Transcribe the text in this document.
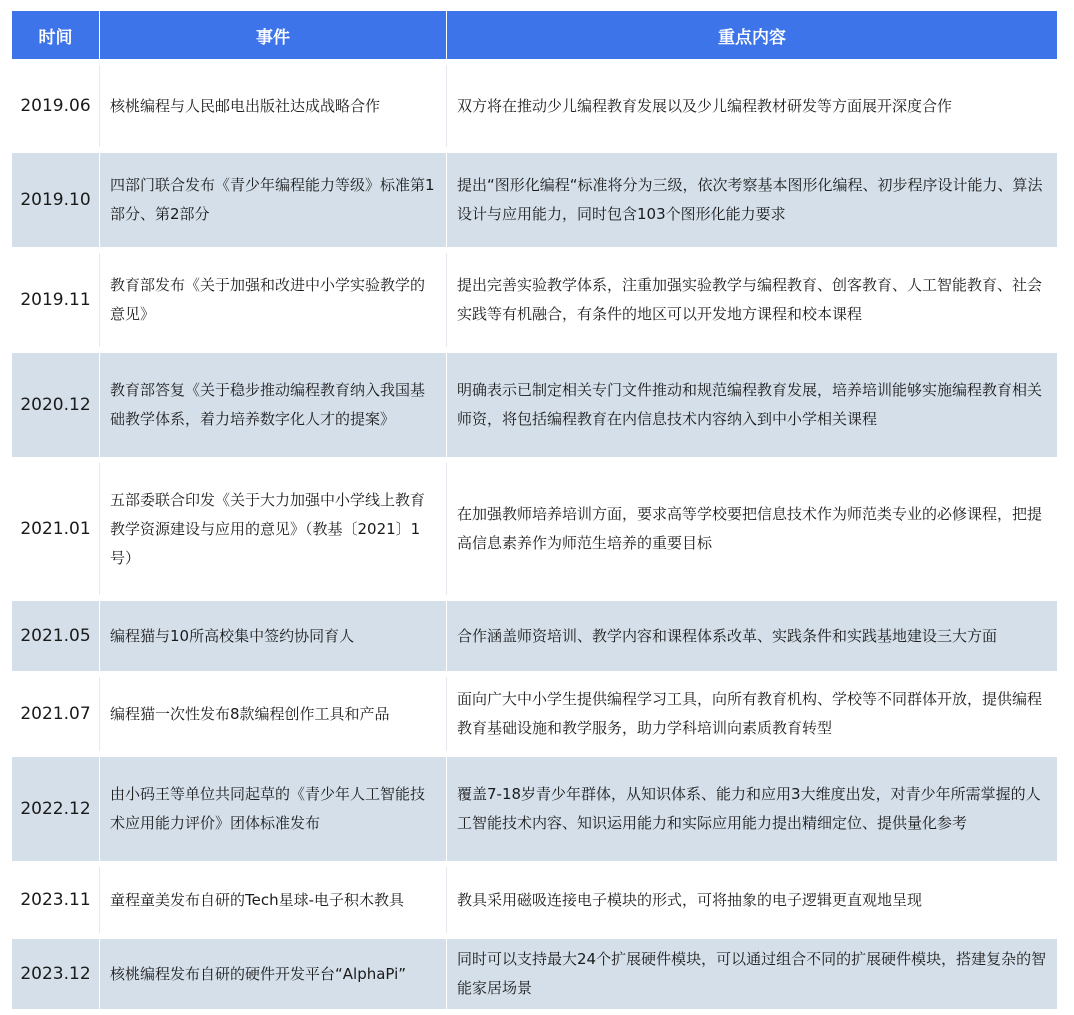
时间	事件	重点内容
2019.06	核桃编程与人民邮电出版社达成战略合作	双方将在推动少儿编程教育发展以及少儿编程教材研发等方面展开深度合作
2019.10	四部门联合发布《青少年编程能力等级》标准第1部分、第2部分	提出“图形化编程“标准将分为三级，依次考察基本图形化编程、初步程序设计能力、算法设计与应用能力，同时包含103个图形化能力要求
2019.11	教育部发布《关于加强和改进中小学实验教学的意见》	提出完善实验教学体系，注重加强实验教学与编程教育、创客教育、人工智能教育、社会实践等有机融合，有条件的地区可以开发地方课程和校本课程
2020.12	教育部答复《关于稳步推动编程教育纳入我国基础教学体系，着力培养数字化人才的提案》	明确表示已制定相关专门文件推动和规范编程教育发展，培养培训能够实施编程教育相关师资，将包括编程教育在内信息技术内容纳入到中小学相关课程
2021.01	五部委联合印发《关于大力加强中小学线上教育教学资源建设与应用的意见》（教基〔2021〕1号）	在加强教师培养培训方面，要求高等学校要把信息技术作为师范类专业的必修课程，把提高信息素养作为师范生培养的重要目标
2021.05	编程猫与10所高校集中签约协同育人	合作涵盖师资培训、教学内容和课程体系改革、实践条件和实践基地建设三大方面
2021.07	编程猫一次性发布8款编程创作工具和产品	面向广大中小学生提供编程学习工具，向所有教育机构、学校等不同群体开放，提供编程教育基础设施和教学服务，助力学科培训向素质教育转型
2022.12	由小码王等单位共同起草的《青少年人工智能技术应用能力评价》团体标准发布	覆盖7-18岁青少年群体，从知识体系、能力和应用3大维度出发，对青少年所需掌握的人工智能技术内容、知识运用能力和实际应用能力提出精细定位、提供量化参考
2023.11	童程童美发布自研的Tech星球-电子积木教具	教具采用磁吸连接电子模块的形式，可将抽象的电子逻辑更直观地呈现
2023.12	核桃编程发布自研的硬件开发平台“AlphaPi”	同时可以支持最大24个扩展硬件模块，可以通过组合不同的扩展硬件模块，搭建复杂的智能家居场景
